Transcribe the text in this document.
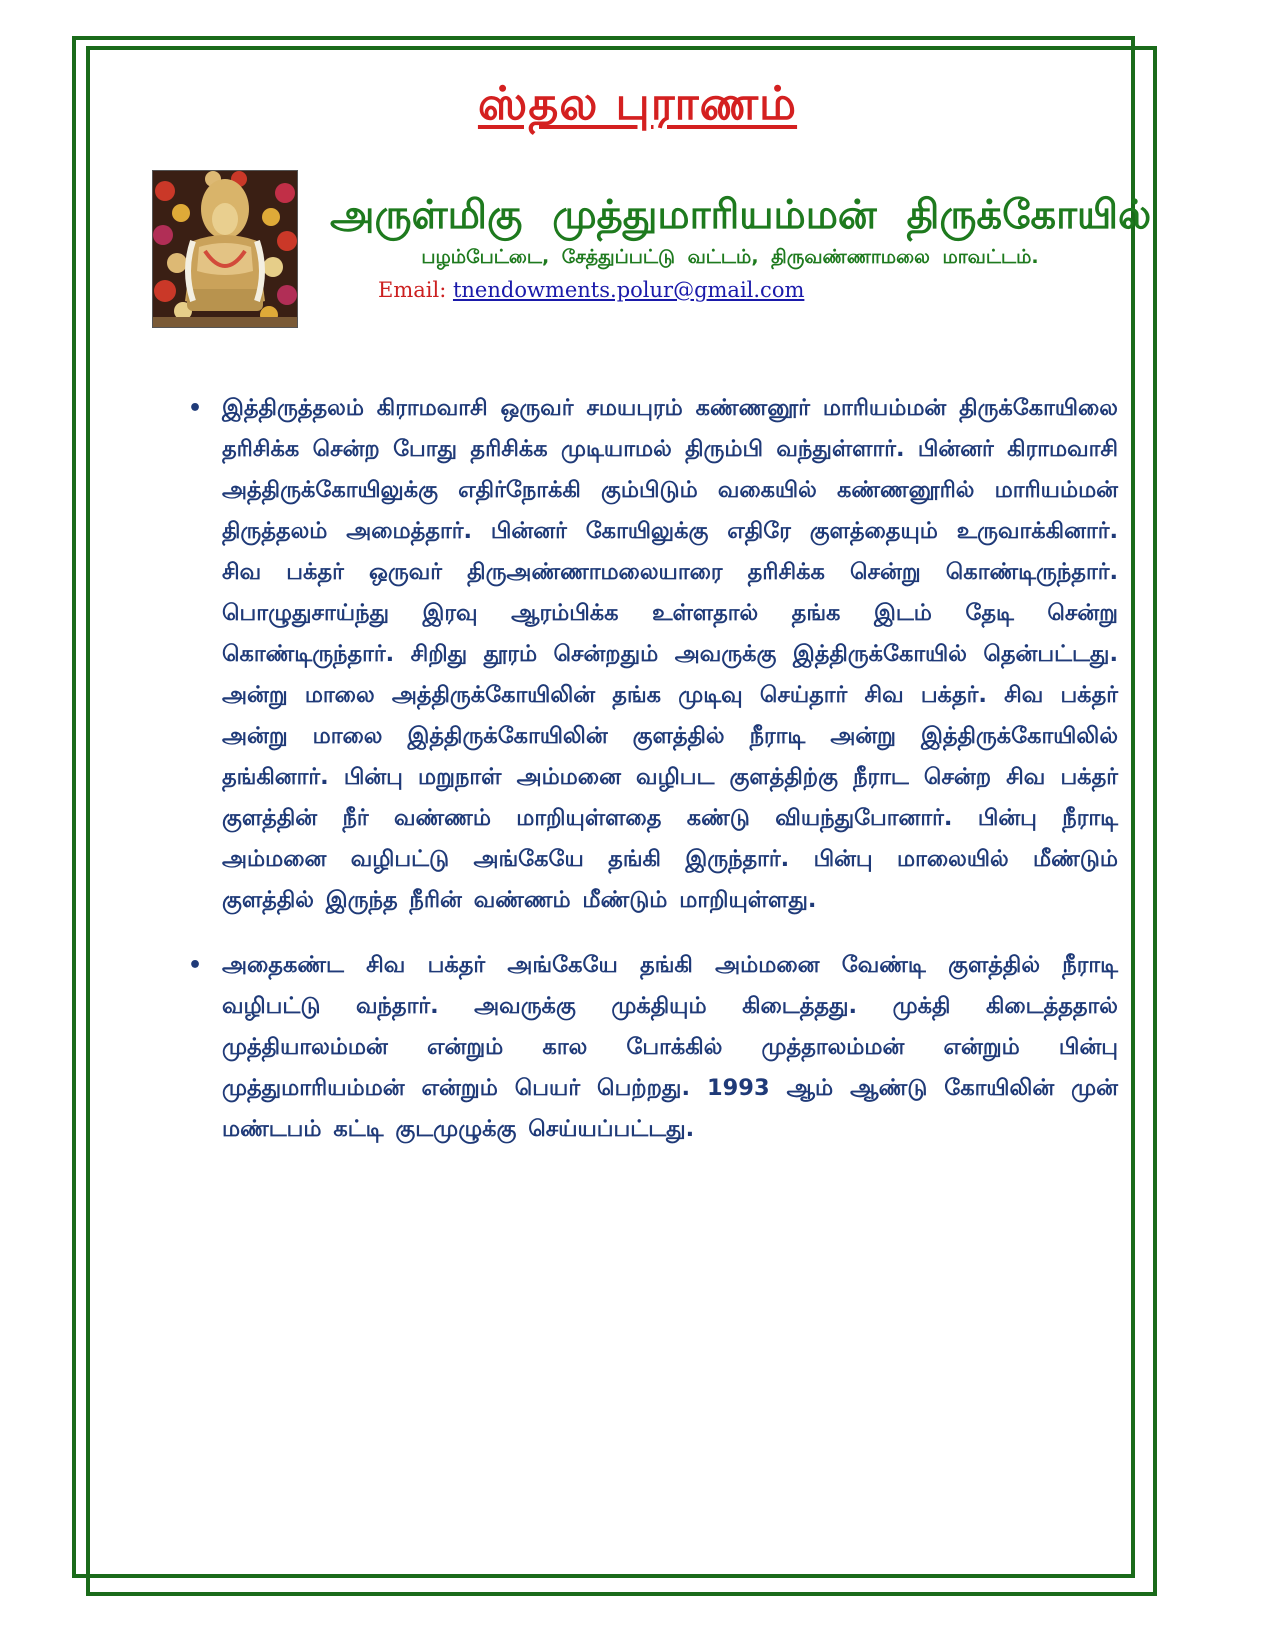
ஸ்தல புராணம்
அருள்மிகு முத்துமாரியம்மன் திருக்கோயில்
பழம்பேட்டை, சேத்துப்பட்டு வட்டம், திருவண்ணாமலை மாவட்டம்.
Email: tnendowments.polur@gmail.com
• இத்திருத்தலம் கிராமவாசி ஒருவர் சமயபுரம் கண்ணனூர் மாரியம்மன் திருக்கோயிலை தரிசிக்க சென்ற போது தரிசிக்க முடியாமல் திரும்பி வந்துள்ளார். பின்னர் கிராமவாசி அத்திருக்கோயிலுக்கு எதிர்நோக்கி கும்பிடும் வகையில் கண்ணனூரில் மாரியம்மன் திருத்தலம் அமைத்தார். பின்னர் கோயிலுக்கு எதிரே குளத்தையும் உருவாக்கினார். சிவ பக்தர் ஒருவர் திருஅண்ணாமலையாரை தரிசிக்க சென்று கொண்டிருந்தார். பொழுதுசாய்ந்து இரவு ஆரம்பிக்க உள்ளதால் தங்க இடம் தேடி சென்று கொண்டிருந்தார். சிறிது தூரம் சென்றதும் அவருக்கு இத்திருக்கோயில் தென்பட்டது. அன்று மாலை அத்திருக்கோயிலின் தங்க முடிவு செய்தார் சிவ பக்தர். சிவ பக்தர் அன்று மாலை இத்திருக்கோயிலின் குளத்தில் நீராடி அன்று இத்திருக்கோயிலில் தங்கினார். பின்பு மறுநாள் அம்மனை வழிபட குளத்திற்கு நீராட சென்ற சிவ பக்தர் குளத்தின் நீர் வண்ணம் மாறியுள்ளதை கண்டு வியந்துபோனார். பின்பு நீராடி அம்மனை வழிபட்டு அங்கேயே தங்கி இருந்தார். பின்பு மாலையில் மீண்டும் குளத்தில் இருந்த நீரின் வண்ணம் மீண்டும் மாறியுள்ளது.
• அதைகண்ட சிவ பக்தர் அங்கேயே தங்கி அம்மனை வேண்டி குளத்தில் நீராடி வழிபட்டு வந்தார். அவருக்கு முக்தியும் கிடைத்தது. முக்தி கிடைத்ததால் முத்தியாலம்மன் என்றும் கால போக்கில் முத்தாலம்மன் என்றும் பின்பு முத்துமாரியம்மன் என்றும் பெயர் பெற்றது. 1993 ஆம் ஆண்டு கோயிலின் முன் மண்டபம் கட்டி குடமுழுக்கு செய்யப்பட்டது.
